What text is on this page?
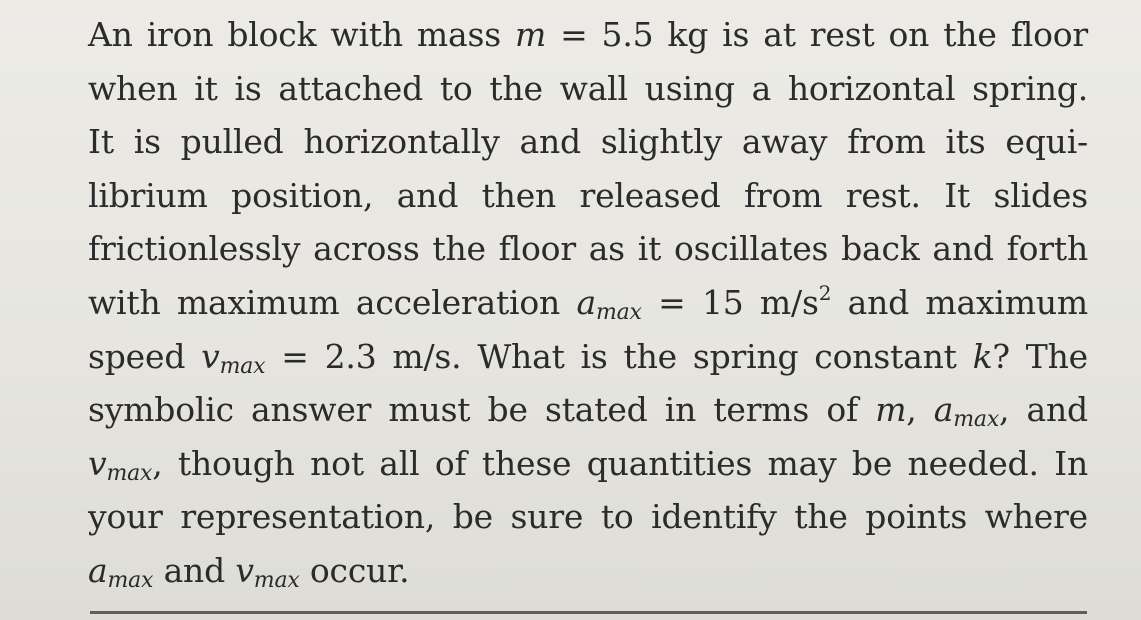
An iron block with mass m = 5.5 kg is at rest on the floor
when it is attached to the wall using a horizontal spring.
It is pulled horizontally and slightly away from its equi-
librium position, and then released from rest. It slides
frictionlessly across the floor as it oscillates back and forth
with maximum acceleration $a_{max} = 15$ $m/s^2$ and maximum
speed $v_{max} = 2.3$ m/s. What is the spring constant k? The
symbolic answer must be stated in terms of m, $a_{max}$, and
$v_{max}$, though not all of these quantities may be needed. In
your representation, be sure to identify the points where
$a_{max}$ and $v_{max}$ occur.
